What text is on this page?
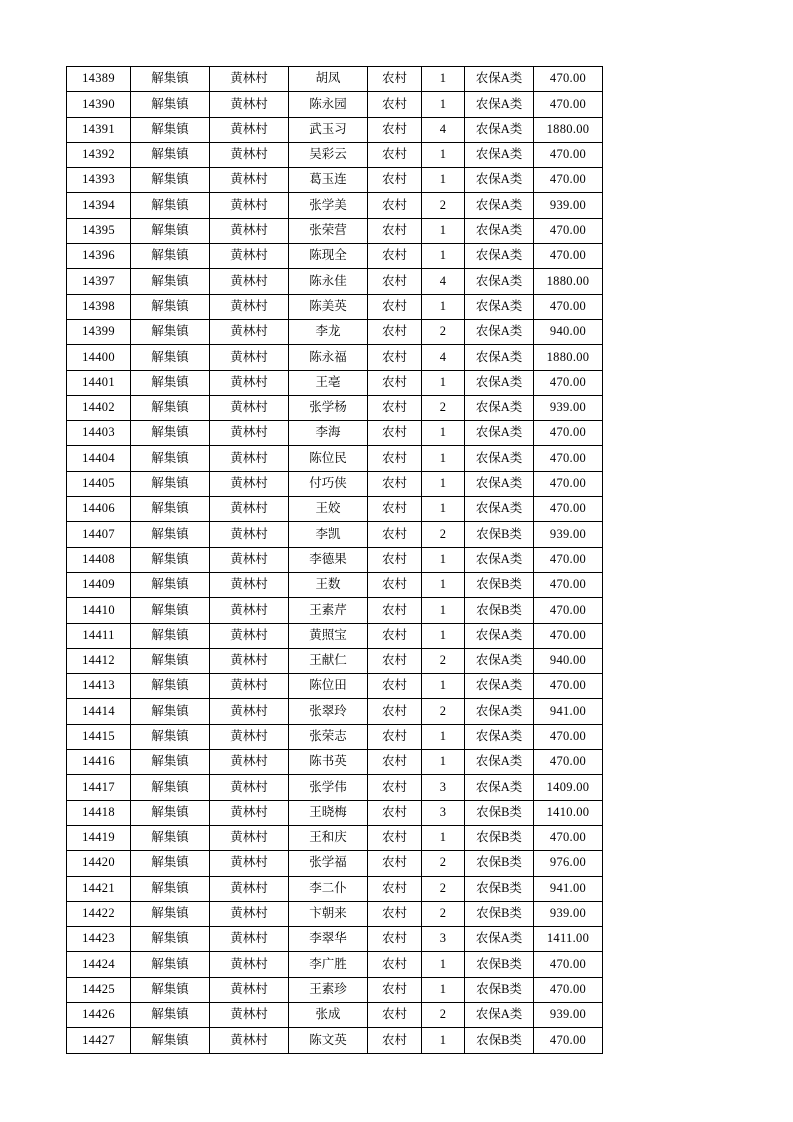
14389	解集镇	黄林村	胡凤	农村	1	农保A类	470.00
14390	解集镇	黄林村	陈永园	农村	1	农保A类	470.00
14391	解集镇	黄林村	武玉习	农村	4	农保A类	1880.00
14392	解集镇	黄林村	吴彩云	农村	1	农保A类	470.00
14393	解集镇	黄林村	葛玉连	农村	1	农保A类	470.00
14394	解集镇	黄林村	张学美	农村	2	农保A类	939.00
14395	解集镇	黄林村	张荣营	农村	1	农保A类	470.00
14396	解集镇	黄林村	陈现全	农村	1	农保A类	470.00
14397	解集镇	黄林村	陈永佳	农村	4	农保A类	1880.00
14398	解集镇	黄林村	陈美英	农村	1	农保A类	470.00
14399	解集镇	黄林村	李龙	农村	2	农保A类	940.00
14400	解集镇	黄林村	陈永福	农村	4	农保A类	1880.00
14401	解集镇	黄林村	王亳	农村	1	农保A类	470.00
14402	解集镇	黄林村	张学杨	农村	2	农保A类	939.00
14403	解集镇	黄林村	李海	农村	1	农保A类	470.00
14404	解集镇	黄林村	陈位民	农村	1	农保A类	470.00
14405	解集镇	黄林村	付巧侠	农村	1	农保A类	470.00
14406	解集镇	黄林村	王姣	农村	1	农保A类	470.00
14407	解集镇	黄林村	李凯	农村	2	农保B类	939.00
14408	解集镇	黄林村	李德果	农村	1	农保A类	470.00
14409	解集镇	黄林村	王数	农村	1	农保B类	470.00
14410	解集镇	黄林村	王素芹	农村	1	农保B类	470.00
14411	解集镇	黄林村	黄照宝	农村	1	农保A类	470.00
14412	解集镇	黄林村	王献仁	农村	2	农保A类	940.00
14413	解集镇	黄林村	陈位田	农村	1	农保A类	470.00
14414	解集镇	黄林村	张翠玲	农村	2	农保A类	941.00
14415	解集镇	黄林村	张荣志	农村	1	农保A类	470.00
14416	解集镇	黄林村	陈书英	农村	1	农保A类	470.00
14417	解集镇	黄林村	张学伟	农村	3	农保A类	1409.00
14418	解集镇	黄林村	王晓梅	农村	3	农保B类	1410.00
14419	解集镇	黄林村	王和庆	农村	1	农保B类	470.00
14420	解集镇	黄林村	张学福	农村	2	农保B类	976.00
14421	解集镇	黄林村	李二仆	农村	2	农保B类	941.00
14422	解集镇	黄林村	卞朝来	农村	2	农保B类	939.00
14423	解集镇	黄林村	李翠华	农村	3	农保A类	1411.00
14424	解集镇	黄林村	李广胜	农村	1	农保B类	470.00
14425	解集镇	黄林村	王素珍	农村	1	农保B类	470.00
14426	解集镇	黄林村	张成	农村	2	农保A类	939.00
14427	解集镇	黄林村	陈文英	农村	1	农保B类	470.00
